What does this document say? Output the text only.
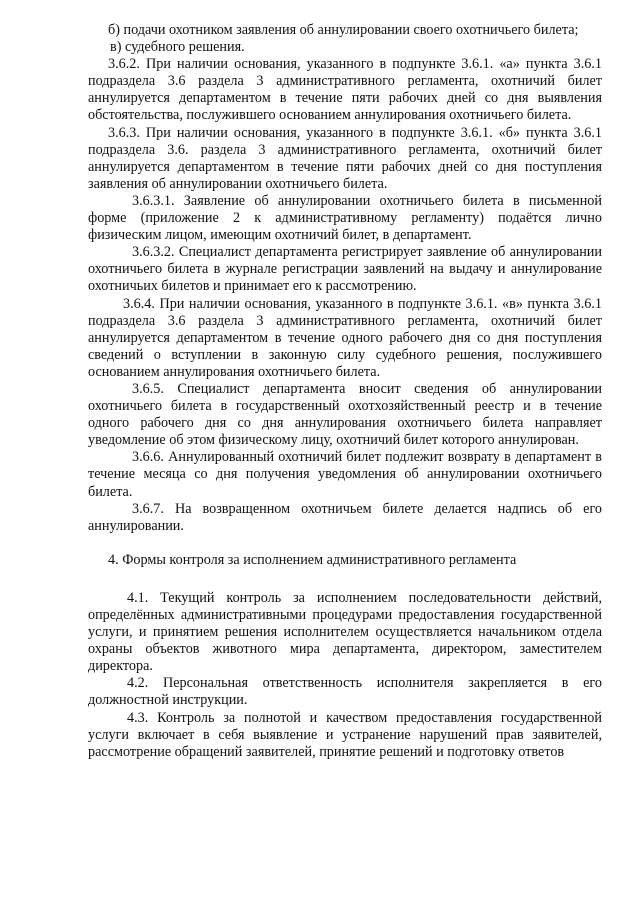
б) подачи охотником заявления об аннулировании своего охотничьего билета;

в) судебного решения.

3.6.2. При наличии основания, указанного в подпункте 3.6.1. «а» пункта 3.6.1 подраздела 3.6 раздела 3 административного регламента, охотничий билет аннулируется департаментом в течение пяти рабочих дней со дня выявления обстоятельства, послужившего основанием аннулирования охотничьего билета.

3.6.3. При наличии основания, указанного в подпункте 3.6.1. «б» пункта 3.6.1 подраздела 3.6. раздела 3 административного регламента, охотничий билет аннулируется департаментом в течение пяти рабочих дней со дня поступления заявления об аннулировании охотничьего билета.

3.6.3.1. Заявление об аннулировании охотничьего билета в письменной форме (приложение 2 к административному регламенту) подаётся лично физическим лицом, имеющим охотничий билет, в департамент.

3.6.3.2. Специалист департамента регистрирует заявление об аннулировании охотничьего билета в журнале регистрации заявлений на выдачу и аннулирование охотничьих билетов и принимает его к рассмотрению.

3.6.4. При наличии основания, указанного в подпункте 3.6.1. «в» пункта 3.6.1 подраздела 3.6 раздела 3 административного регламента, охотничий билет аннулируется департаментом в течение одного рабочего дня со дня поступления сведений о вступлении в законную силу судебного решения, послужившего основанием аннулирования охотничьего билета.

3.6.5. Специалист департамента вносит сведения об аннулировании охотничьего билета в государственный охотхозяйственный реестр и в течение одного рабочего дня со дня аннулирования охотничьего билета направляет уведомление об этом физическому лицу, охотничий билет которого аннулирован.

3.6.6. Аннулированный охотничий билет подлежит возврату в департамент в течение месяца со дня получения уведомления об аннулировании охотничьего билета.

3.6.7. На возвращенном охотничьем билете делается надпись об его аннулировании.

4. Формы контроля за исполнением административного регламента

4.1. Текущий контроль за исполнением последовательности действий, определённых административными процедурами предоставления государственной услуги, и принятием решения исполнителем осуществляется начальником отдела охраны объектов животного мира департамента, директором, заместителем директора.

4.2. Персональная ответственность исполнителя закрепляется в его должностной инструкции.

4.3. Контроль за полнотой и качеством предоставления государственной услуги включает в себя выявление и устранение нарушений прав заявителей, рассмотрение обращений заявителей, принятие решений и подготовку ответов
